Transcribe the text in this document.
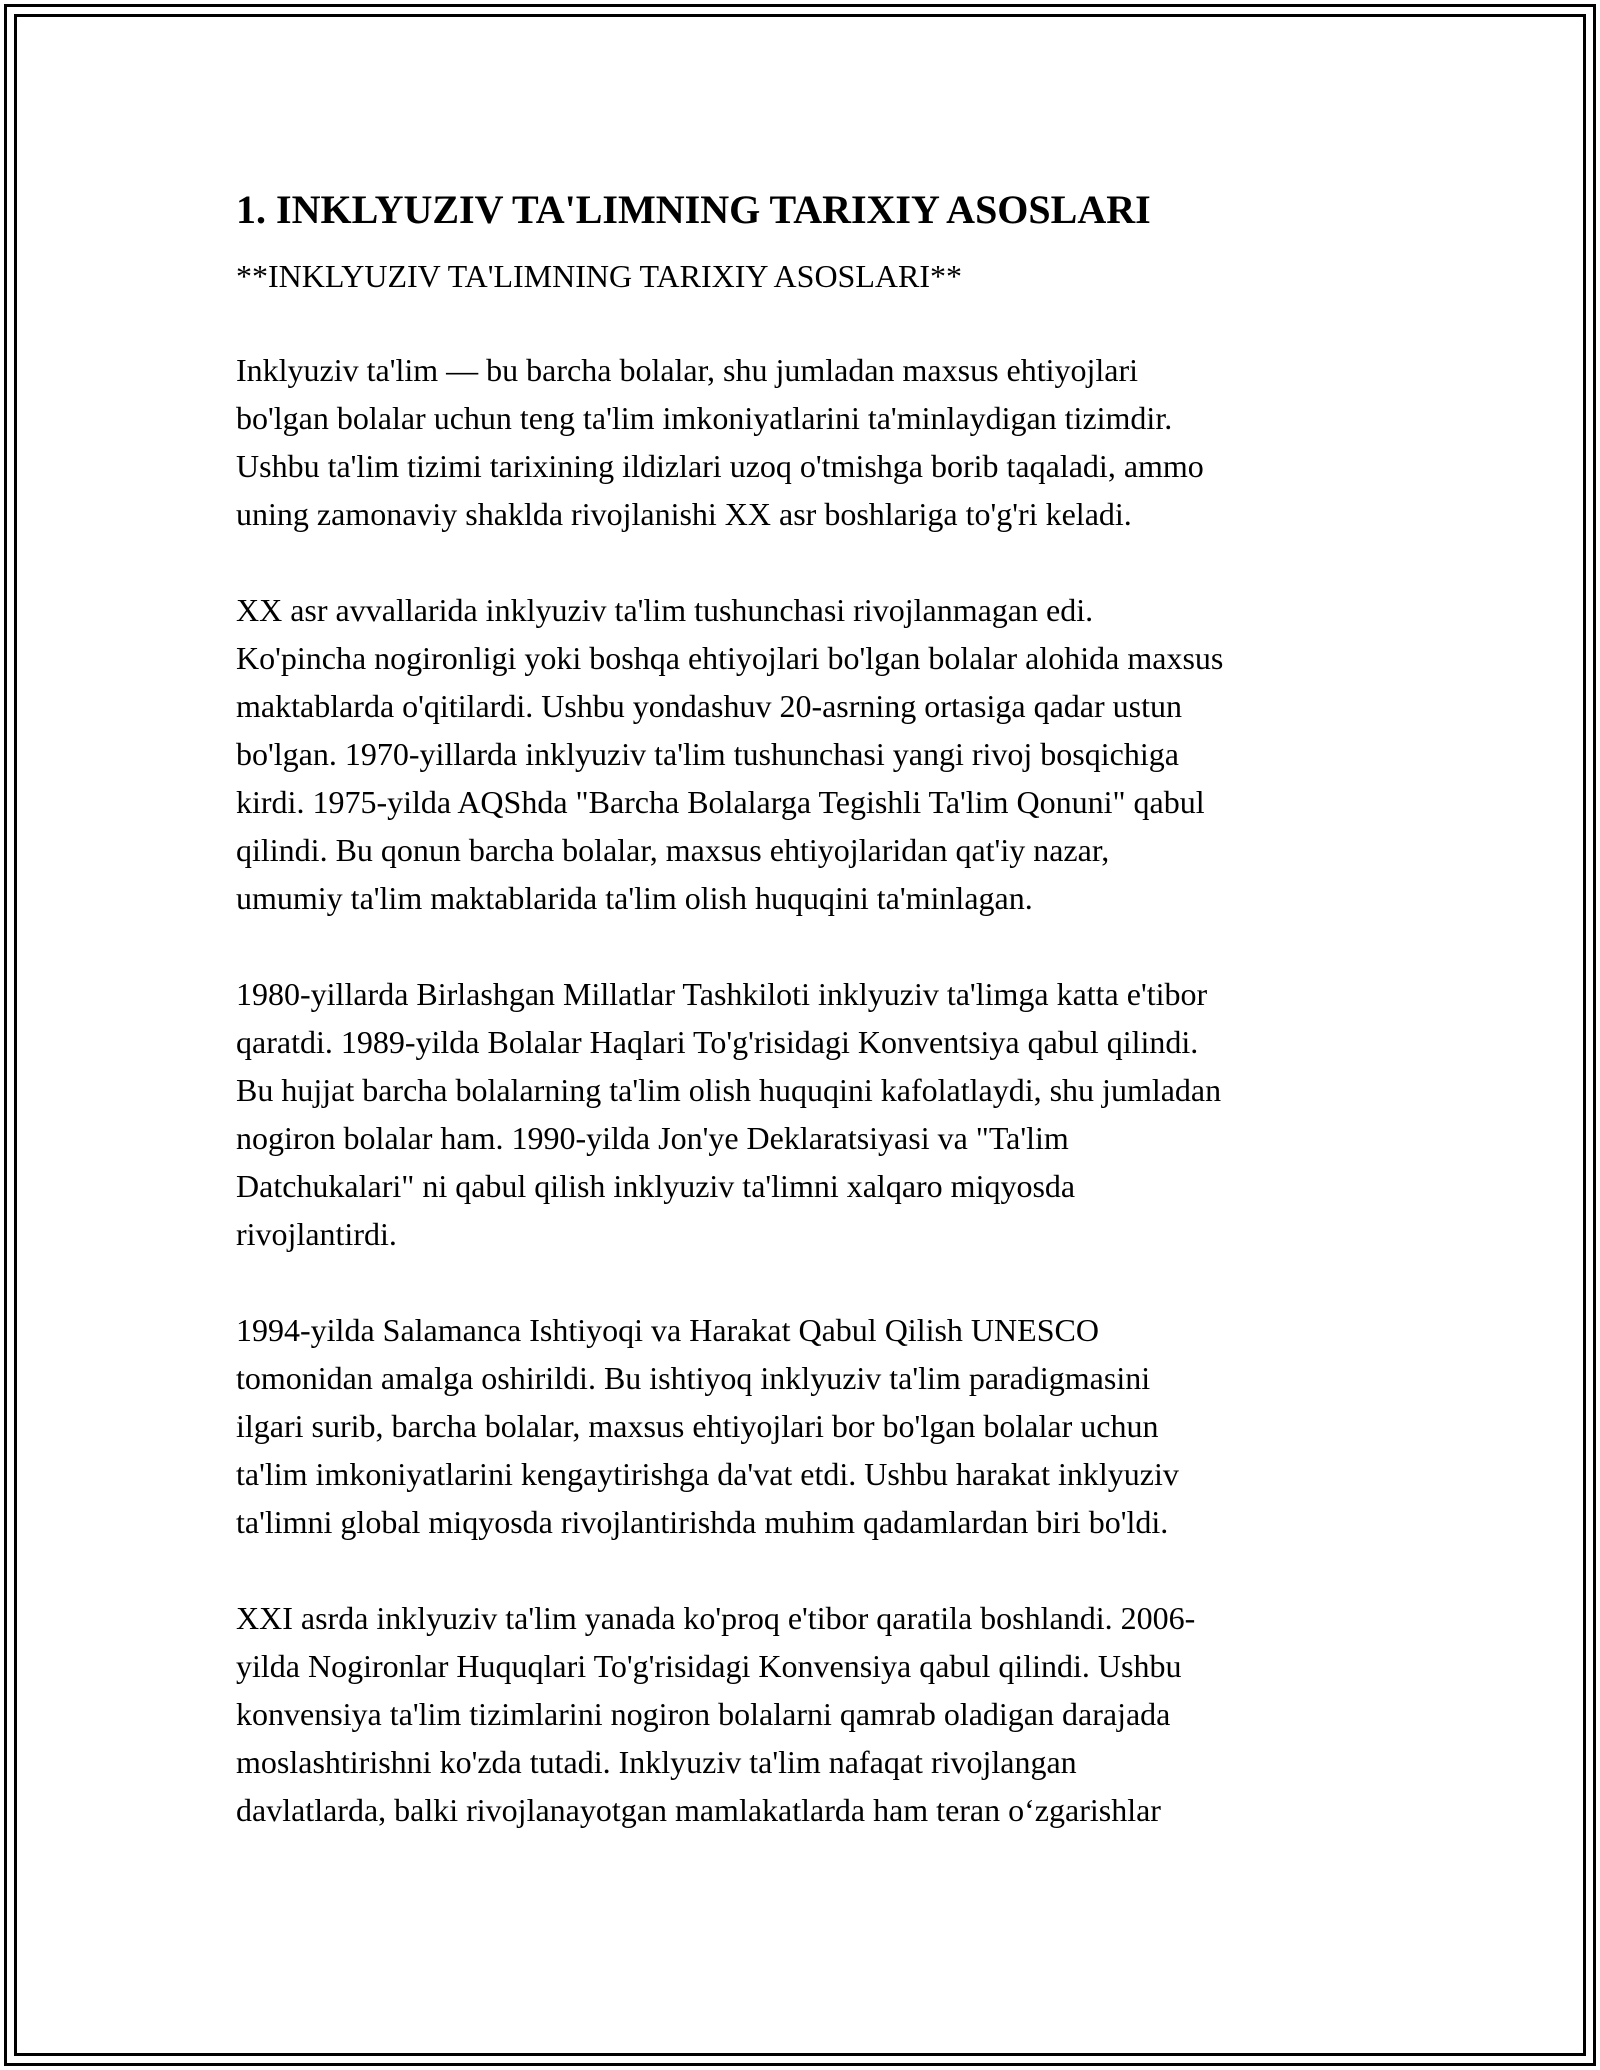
1. INKLYUZIV TA'LIMNING TARIXIY ASOSLARI

**INKLYUZIV TA'LIMNING TARIXIY ASOSLARI**

Inklyuziv ta'lim — bu barcha bolalar, shu jumladan maxsus ehtiyojlari
bo'lgan bolalar uchun teng ta'lim imkoniyatlarini ta'minlaydigan tizimdir.
Ushbu ta'lim tizimi tarixining ildizlari uzoq o'tmishga borib taqaladi, ammo
uning zamonaviy shaklda rivojlanishi XX asr boshlariga to'g'ri keladi.

XX asr avvallarida inklyuziv ta'lim tushunchasi rivojlanmagan edi.
Ko'pincha nogironligi yoki boshqa ehtiyojlari bo'lgan bolalar alohida maxsus
maktablarda o'qitilardi. Ushbu yondashuv 20-asrning ortasiga qadar ustun
bo'lgan. 1970-yillarda inklyuziv ta'lim tushunchasi yangi rivoj bosqichiga
kirdi. 1975-yilda AQShda "Barcha Bolalarga Tegishli Ta'lim Qonuni" qabul
qilindi. Bu qonun barcha bolalar, maxsus ehtiyojlaridan qat'iy nazar,
umumiy ta'lim maktablarida ta'lim olish huquqini ta'minlagan.

1980-yillarda Birlashgan Millatlar Tashkiloti inklyuziv ta'limga katta e'tibor
qaratdi. 1989-yilda Bolalar Haqlari To'g'risidagi Konventsiya qabul qilindi.
Bu hujjat barcha bolalarning ta'lim olish huquqini kafolatlaydi, shu jumladan
nogiron bolalar ham. 1990-yilda Jon'ye Deklaratsiyasi va "Ta'lim
Datchukalari" ni qabul qilish inklyuziv ta'limni xalqaro miqyosda
rivojlantirdi.

1994-yilda Salamanca Ishtiyoqi va Harakat Qabul Qilish UNESCO
tomonidan amalga oshirildi. Bu ishtiyoq inklyuziv ta'lim paradigmasini
ilgari surib, barcha bolalar, maxsus ehtiyojlari bor bo'lgan bolalar uchun
ta'lim imkoniyatlarini kengaytirishga da'vat etdi. Ushbu harakat inklyuziv
ta'limni global miqyosda rivojlantirishda muhim qadamlardan biri bo'ldi.

XXI asrda inklyuziv ta'lim yanada ko'proq e'tibor qaratila boshlandi. 2006-
yilda Nogironlar Huquqlari To'g'risidagi Konvensiya qabul qilindi. Ushbu
konvensiya ta'lim tizimlarini nogiron bolalarni qamrab oladigan darajada
moslashtirishni ko'zda tutadi. Inklyuziv ta'lim nafaqat rivojlangan
davlatlarda, balki rivojlanayotgan mamlakatlarda ham teran o‘zgarishlar
